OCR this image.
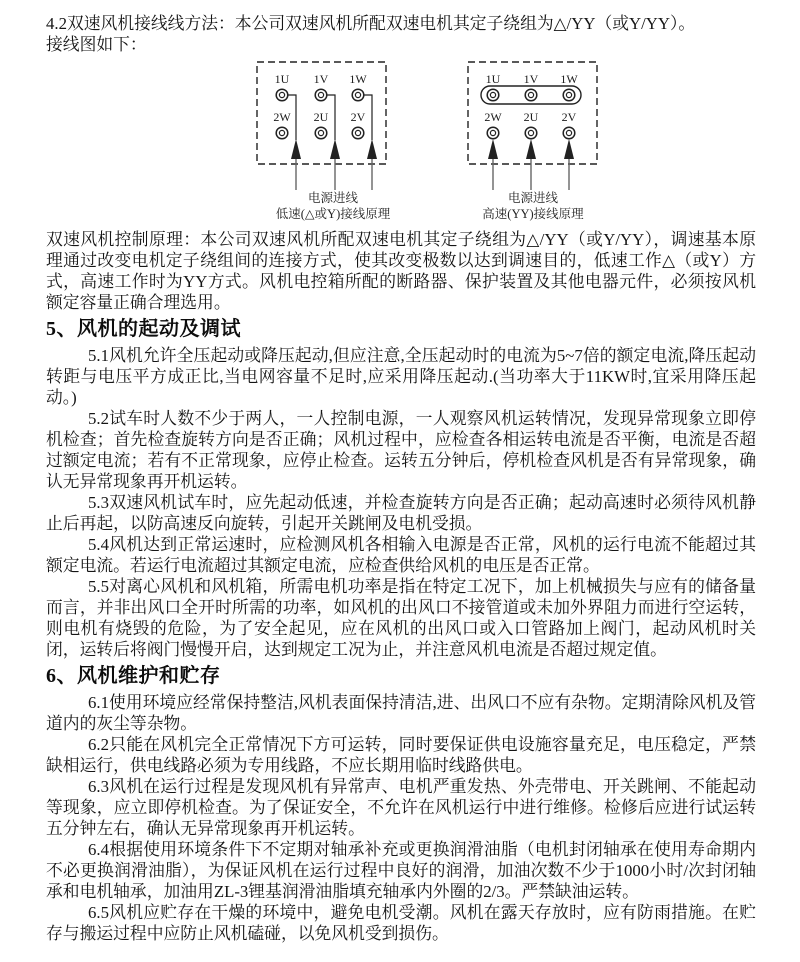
4.2双速风机接线线方法：本公司双速风机所配双速电机其定子绕组为△/YY（或Y/YY）。

接线图如下：

1U 1V 1W
2W 2U 2V
1U 1V 1W
2W 2U 2V
电源进线
低速(△或Y)接线原理
电源进线
高速(YY)接线原理

双速风机控制原理：本公司双速风机所配双速电机其定子绕组为△/YY（或Y/YY），调速基本原理通过改变电机定子绕组间的连接方式，使其改变极数以达到调速目的，低速工作△（或Y）方式，高速工作时为YY方式。风机电控箱所配的断路器、保护装置及其他电器元件，必须按风机额定容量正确合理选用。

5、风机的起动及调试

5.1风机允许全压起动或降压起动,但应注意,全压起动时的电流为5~7倍的额定电流,降压起动转距与电压平方成正比,当电网容量不足时,应采用降压起动.(当功率大于11KW时,宜采用降压起动。)

5.2试车时人数不少于两人，一人控制电源，一人观察风机运转情况，发现异常现象立即停机检查；首先检查旋转方向是否正确；风机过程中，应检查各相运转电流是否平衡，电流是否超过额定电流；若有不正常现象，应停止检查。运转五分钟后，停机检查风机是否有异常现象，确认无异常现象再开机运转。

5.3双速风机试车时，应先起动低速，并检查旋转方向是否正确；起动高速时必须待风机静止后再起，以防高速反向旋转，引起开关跳闸及电机受损。

5.4风机达到正常运速时，应检测风机各相输入电源是否正常，风机的运行电流不能超过其额定电流。若运行电流超过其额定电流，应检查供给风机的电压是否正常。

5.5对离心风机和风机箱，所需电机功率是指在特定工况下，加上机械损失与应有的储备量而言，并非出风口全开时所需的功率，如风机的出风口不接管道或未加外界阻力而进行空运转，则电机有烧毁的危险，为了安全起见，应在风机的出风口或入口管路加上阀门，起动风机时关闭，运转后将阀门慢慢开启，达到规定工况为止，并注意风机电流是否超过规定值。

6、风机维护和贮存

6.1使用环境应经常保持整洁,风机表面保持清洁,进、出风口不应有杂物。定期清除风机及管道内的灰尘等杂物。

6.2只能在风机完全正常情况下方可运转，同时要保证供电设施容量充足，电压稳定，严禁缺相运行，供电线路必须为专用线路，不应长期用临时线路供电。

6.3风机在运行过程是发现风机有异常声、电机严重发热、外壳带电、开关跳闸、不能起动等现象，应立即停机检查。为了保证安全，不允许在风机运行中进行维修。检修后应进行试运转五分钟左右，确认无异常现象再开机运转。

6.4根据使用环境条件下不定期对轴承补充或更换润滑油脂（电机封闭轴承在使用寿命期内不必更换润滑油脂），为保证风机在运行过程中良好的润滑，加油次数不少于1000小时/次封闭轴承和电机轴承，加油用ZL-3锂基润滑油脂填充轴承内外圈的2/3。严禁缺油运转。

6.5风机应贮存在干燥的环境中，避免电机受潮。风机在露天存放时，应有防雨措施。在贮存与搬运过程中应防止风机磕碰，以免风机受到损伤。
